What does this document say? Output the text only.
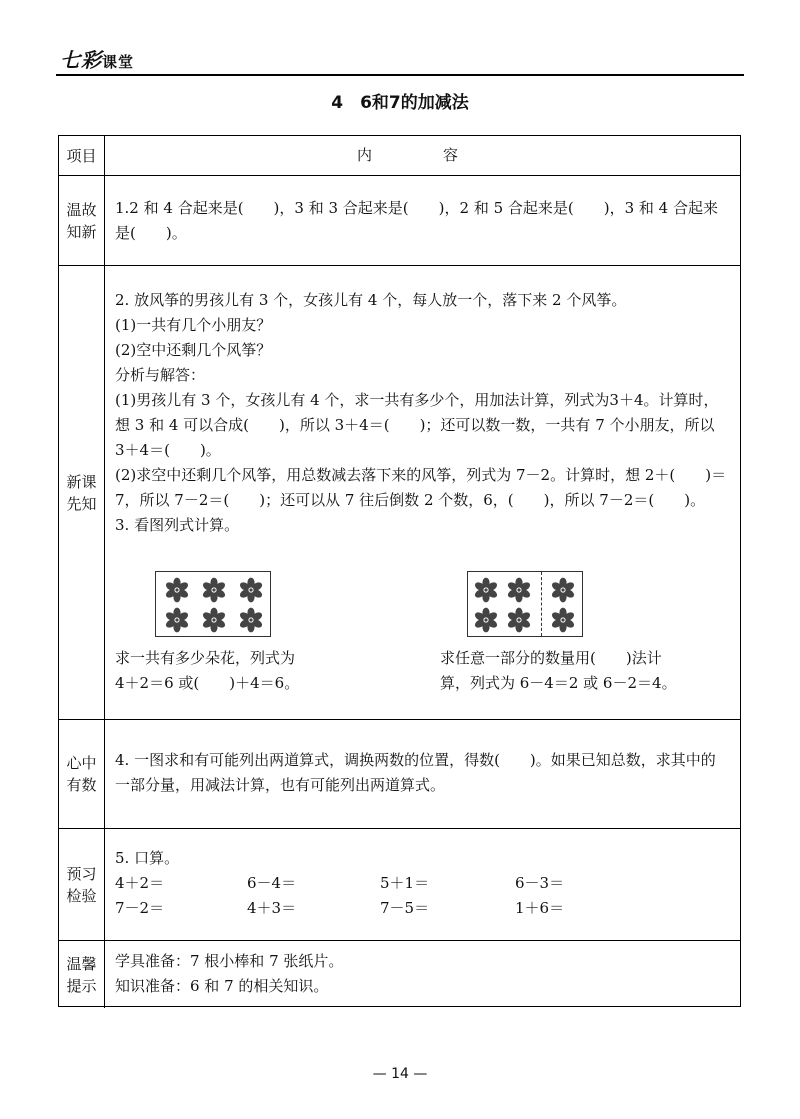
七彩课堂
4　6和7的加减法
项目	内　容
温故知新

1.2 和 4 合起来是(　　)，3 和 3 合起来是(　　)，2 和 5 合起来是(　　)，3 和 4 合起来是(　　)。

新课先知

2. 放风筝的男孩儿有 3 个，女孩儿有 4 个，每人放一个，落下来 2 个风筝。

(1)一共有几个小朋友？

(2)空中还剩几个风筝？

分析与解答：

(1)男孩儿有 3 个，女孩儿有 4 个，求一共有多少个，用加法计算，列式为3＋4。计算时，想 3 和 4 可以合成(　　)，所以 3＋4＝(　　)；还可以数一数，一共有 7 个小朋友，所以 3＋4＝(　　)。

(2)求空中还剩几个风筝，用总数减去落下来的风筝，列式为 7－2。计算时，想 2＋(　　)＝7，所以 7－2＝(　　)；还可以从 7 往后倒数 2 个数，6，(　　)，所以 7－2＝(　　)。

3. 看图列式计算。

求一共有多少朵花，列式为

4＋2＝6 或(　　)＋4＝6。

求任意一部分的数量用(　　)法计

算，列式为 6－4＝2 或 6－2＝4。

心中有数

4. 一图求和有可能列出两道算式，调换两数的位置，得数(　　)。如果已知总数，求其中的一部分量，用减法计算，也有可能列出两道算式。

预习检验

5. 口算。

4＋2＝	6－4＝	5＋1＝	6－3＝

7－2＝	4＋3＝	7－5＝	1＋6＝

温馨提示

学具准备：7 根小棒和 7 张纸片。

知识准备：6 和 7 的相关知识。

— 14 —
